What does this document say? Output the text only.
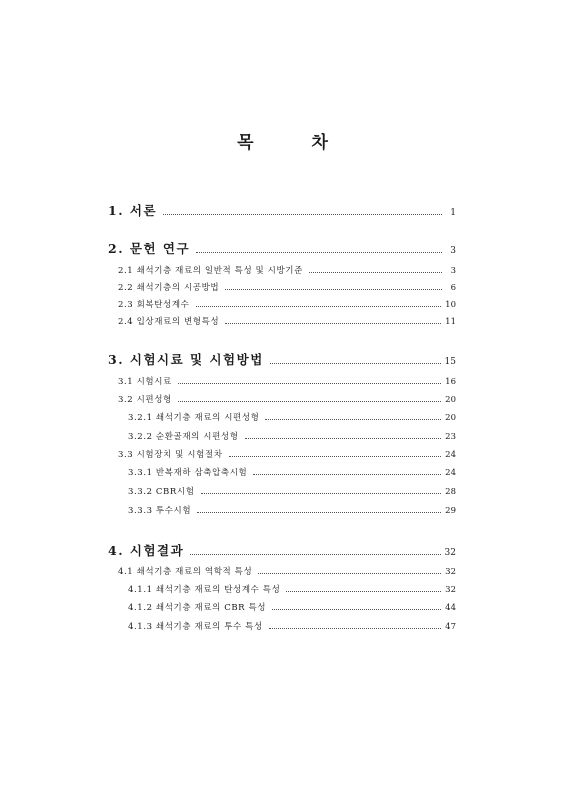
목 차
1. 서론	1
2. 문헌 연구	3
2.1 쇄석기층 재료의 일반적 특성 및 시방기준	3
2.2 쇄석기층의 시공방법	6
2.3 회복탄성계수	10
2.4 입상재료의 변형특성	11
3. 시험시료 및 시험방법	15
3.1 시험시료	16
3.2 시편성형	20
3.2.1 쇄석기층 재료의 시편성형	20
3.2.2 순환골재의 시편성형	23
3.3 시험장치 및 시험절차	24
3.3.1 반복재하 삼축압축시험	24
3.3.2 CBR시험	28
3.3.3 투수시험	29
4. 시험결과	32
4.1 쇄석기층 재료의 역학적 특성	32
4.1.1 쇄석기층 재료의 탄성계수 특성	32
4.1.2 쇄석기층 재료의 CBR 특성	44
4.1.3 쇄석기층 재료의 투수 특성	47
